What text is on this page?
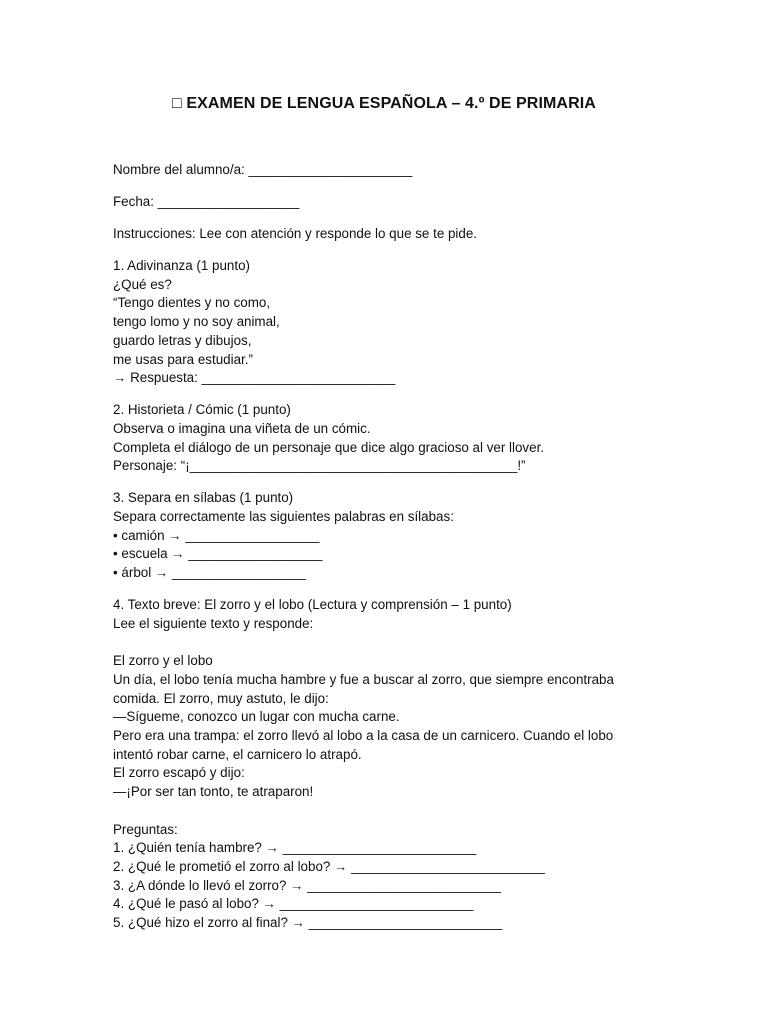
□ EXAMEN DE LENGUA ESPAÑOLA – 4.º DE PRIMARIA
Nombre del alumno/a: ______________________
Fecha: ___________________
Instrucciones: Lee con atención y responde lo que se te pide.
1. Adivinanza (1 punto)
¿Qué es?
“Tengo dientes y no como,
tengo lomo y no soy animal,
guardo letras y dibujos,
me usas para estudiar.”
→ Respuesta: __________________________
2. Historieta / Cómic (1 punto)
Observa o imagina una viñeta de un cómic.
Completa el diálogo de un personaje que dice algo gracioso al ver llover.
Personaje: “¡____________________________________________!”
3. Separa en sílabas (1 punto)
Separa correctamente las siguientes palabras en sílabas:
• camión → __________________
• escuela → __________________
• árbol → __________________
4. Texto breve: El zorro y el lobo (Lectura y comprensión – 1 punto)
Lee el siguiente texto y responde:
El zorro y el lobo
Un día, el lobo tenía mucha hambre y fue a buscar al zorro, que siempre encontraba
comida. El zorro, muy astuto, le dijo:
—Sígueme, conozco un lugar con mucha carne.
Pero era una trampa: el zorro llevó al lobo a la casa de un carnicero. Cuando el lobo
intentó robar carne, el carnicero lo atrapó.
El zorro escapó y dijo:
—¡Por ser tan tonto, te atraparon!
Preguntas:
1. ¿Quién tenía hambre? → __________________________
2. ¿Qué le prometió el zorro al lobo? → __________________________
3. ¿A dónde lo llevó el zorro? → __________________________
4. ¿Qué le pasó al lobo? → __________________________
5. ¿Qué hizo el zorro al final? → __________________________
